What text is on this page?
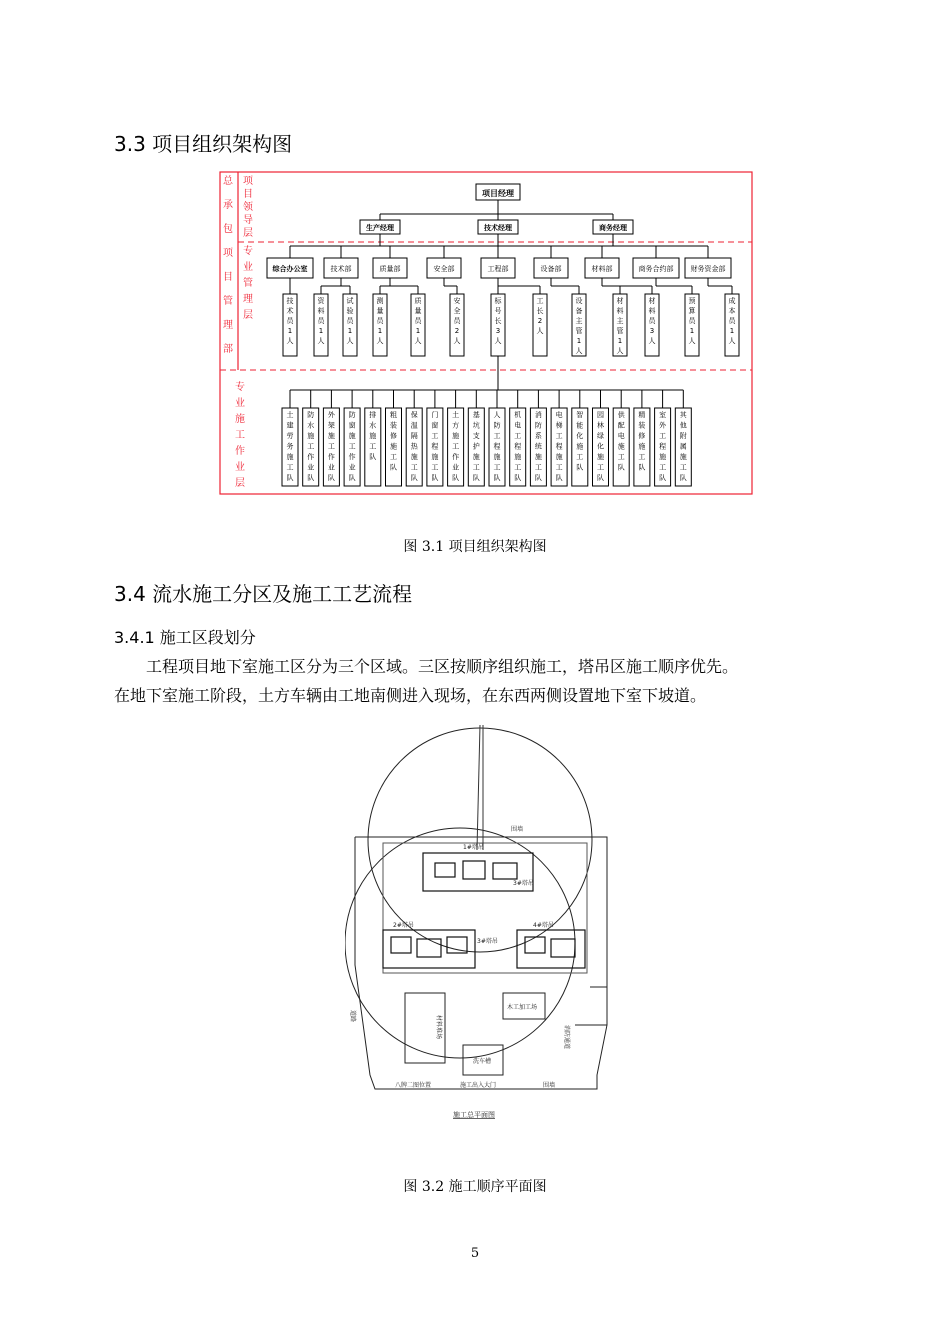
3.3 项目组织架构图
总
承
包
项
目
管
理
部
项
目
领
导
层
专
业
管
理
层
专
业
施
工
作
业
层
项目经理
生产经理	技术经理	商务经理
综合办公室	技术部	质量部	安全部	工程部	设备部	材料部	商务合约部 财务资金部
技
术
员
1
人
资
料
员
1
人
试
验
员
1
人
测
量
员
1
人
质
量
员
1
人
安
全
员
2
人
标
号
长
3
人
工
长
2
人
设
备
主
管
1
人
材
料
主
管
1
人
材
料
员
3
人
预
算
员
1
人
成
本
员
1
人
土
建
劳
务
施
工
队
防
水
施
工
作
业
队
外
架
施
工
作
业
队
防
窗
施
工
作
业
队
排
水
施
工
队
粗
装
修
施
工
队
保
温
隔
热
施
工
队
门
窗
工
程
施
工
队
土
方
施
工
作
业
队
基
坑
支
护
施
工
队
人
防
工
程
施
工
队
机
电
工
程
施
工
队
消
防
系
统
施
工
队
电
梯
工
程
施
工
队
智
能
化
施
工
队
园
林
绿
化
施
工
队
供
配
电
施
工
队
精
装
修
施
工
队
室
外
工
程
施
工
队
其
他
附
属
施
工
队
图 3.1 项目组织架构图
3.4 流水施工分区及施工工艺流程
3.4.1 施工区段划分
工程项目地下室施工区分为三个区域。三区按顺序组织施工，塔吊区施工顺序优先。
在地下室施工阶段，土方车辆由工地南侧进入现场，在东西两侧设置地下室下坡道。
围墙
1#塔吊
3#塔吊
2#塔吊
3#塔吊
4#塔吊
木工加工场
洗车槽
施工出入大门
八牌二图位置	围墙
施工总平面图
材料堆场	消防通道
道路
图 3.2 施工顺序平面图
5
